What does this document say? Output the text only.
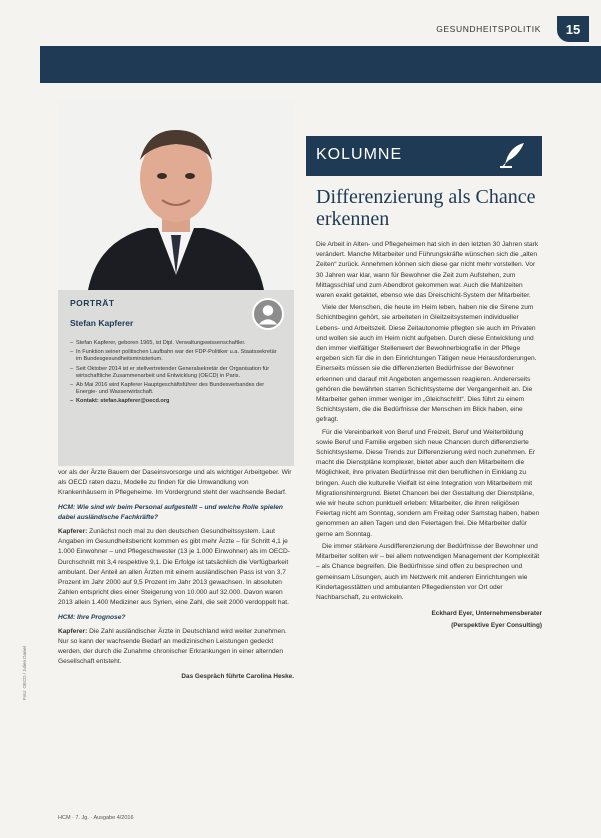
GESUNDHEITSPOLITIK	15
PORTRÄT
Stefan Kapferer
– Stefan Kapferer, geboren 1965, ist Dipl. Verwaltungswissenschaftler.
– In Funktion seiner politischen Laufbahn war der FDP-Politiker u.a. Staatssekretär im Bundesgesundheitsministerium.
– Seit Oktober 2014 ist er stellvertretender Generalsekretär der Organisation für wirtschaftliche Zusammenarbeit und Entwicklung (OECD) in Paris.
– Ab Mai 2016 wird Kapferer Hauptgeschäftsführer des Bundesverbandes der Energie- und Wasserwirtschaft.
– Kontakt: stefan.kapferer@oecd.org

vor als der Ärzte Bauern der Daseinsvorsorge und als wichtiger Arbeitgeber. Wir als OECD raten dazu, Modelle zu finden für die Umwandlung von Krankenhäusern in Pflegeheime. Im Vordergrund steht der wachsende Bedarf.

HCM: Wie sind wir beim Personal aufgestellt – und welche Rolle spielen dabei ausländische Fachkräfte?

Kapferer: Zunächst noch mal zu den deutschen Gesundheitssystem. Laut Angaben im Gesundheitsbericht kommen es gibt mehr Ärzte – für Schritt 4,1 je 1.000 Einwohner – und Pflegeschwester (13 je 1.000 Einwohner) als im OECD-Durchschnitt mit 3,4 respektive 9,1. Die Erfolge ist tatsächlich die Verfügbarkeit ambulant. Der Anteil an allen Ärzten mit einem ausländischen Pass ist von 3,7 Prozent im Jahr 2000 auf 9,5 Prozent im Jahr 2013 gewachsen. In absoluten Zahlen entspricht dies einer Steigerung von 10.000 auf 32.000. Davon waren 2013 allein 1.400 Mediziner aus Syrien, eine Zahl, die seit 2000 verdoppelt hat.

HCM: Ihre Prognose?

Kapferer: Die Zahl ausländischer Ärzte in Deutschland wird weiter zunehmen. Nur so kann der wachsende Bedarf an medizinischen Leistungen gedeckt werden, der durch die Zunahme chronischer Erkrankungen in einer alternden Gesellschaft entsteht.

Das Gespräch führte Carolina Heske.
KOLUMNE
Differenzierung als Chance erkennen

Die Arbeit in Alten- und Pflegeheimen hat sich in den letzten 30 Jahren stark verändert. Manche Mitarbeiter und Führungskräfte wünschen sich die „alten Zeiten“ zurück. Annehmen können sich diese gar nicht mehr vorstellen. Vor 30 Jahren war klar, wann für Bewohner die Zeit zum Aufstehen, zum Mittagsschlaf und zum Abendbrot gekommen war. Auch die Mahlzeiten waren exakt getaktet, ebenso wie das Dreischicht-System der Mitarbeiter.

Viele der Menschen, die heute im Heim leben, haben nie die Sirene zum Schichtbeginn gehört, sie arbeiteten in Gleitzeitsystemen individueller Lebens- und Arbeitszeit. Diese Zeitautonomie pflegten sie auch im Privaten und wollen sie auch im Heim nicht aufgeben. Durch diese Entwicklung und den immer vielfältiger Stellenwert der Bewohnerbiografie in der Pflege ergeben sich für die in den Einrichtungen Tätigen neue Herausforderungen. Einerseits müssen sie die differenzierten Bedürfnisse der Bewohner erkennen und darauf mit Angeboten angemessen reagieren. Andererseits gehören die bewährten starren Schichtsysteme der Vergangenheit an. Die Mitarbeiter gehen immer weniger im „Gleichschritt“. Dies führt zu einem Schichtsystem, die die Bedürfnisse der Menschen im Blick haben, eine gefragt.

Für die Vereinbarkeit von Beruf und Freizeit, Beruf und Weiterbildung sowie Beruf und Familie ergeben sich neue Chancen durch differenzierte Schichtsysteme. Diese Trends zur Differenzierung wird noch zunehmen. Er macht die Dienstpläne komplexer, bietet aber auch den Mitarbeitern die Möglichkeit, ihre privaten Bedürfnisse mit den beruflichen in Einklang zu bringen. Auch die kulturelle Vielfalt ist eine Integration von Mitarbeitern mit Migrationshintergrund. Bietet Chancen bei der Gestaltung der Dienstpläne, wie wir heute schon punktuell erleben: Mitarbeiter, die ihren religiösen Feiertag nicht am Sonntag, sondern am Freitag oder Samstag haben, haben genommen an allen Tagen und den Feiertagen frei. Die Mitarbeiter dafür gerne am Sonntag.

Die immer stärkere Ausdifferenzierung der Bedürfnisse der Bewohner und Mitarbeiter sollten wir – bei allem notwendigen Management der Komplexität – als Chance begreifen. Die Bedürfnisse sind offen zu besprechen und gemeinsam Lösungen, auch im Netzwerk mit anderen Einrichtungen wie Kindertagesstätten und ambulanten Pflegediensten vor Ort oder Nachbarschaft, zu entwickeln.

Eckhard Eyer, Unternehmensberater
(Perspektive Eyer Consulting)
Foto: OECD / Julien Daniel
HCM · 7. Jg. · Ausgabe 4/2016
